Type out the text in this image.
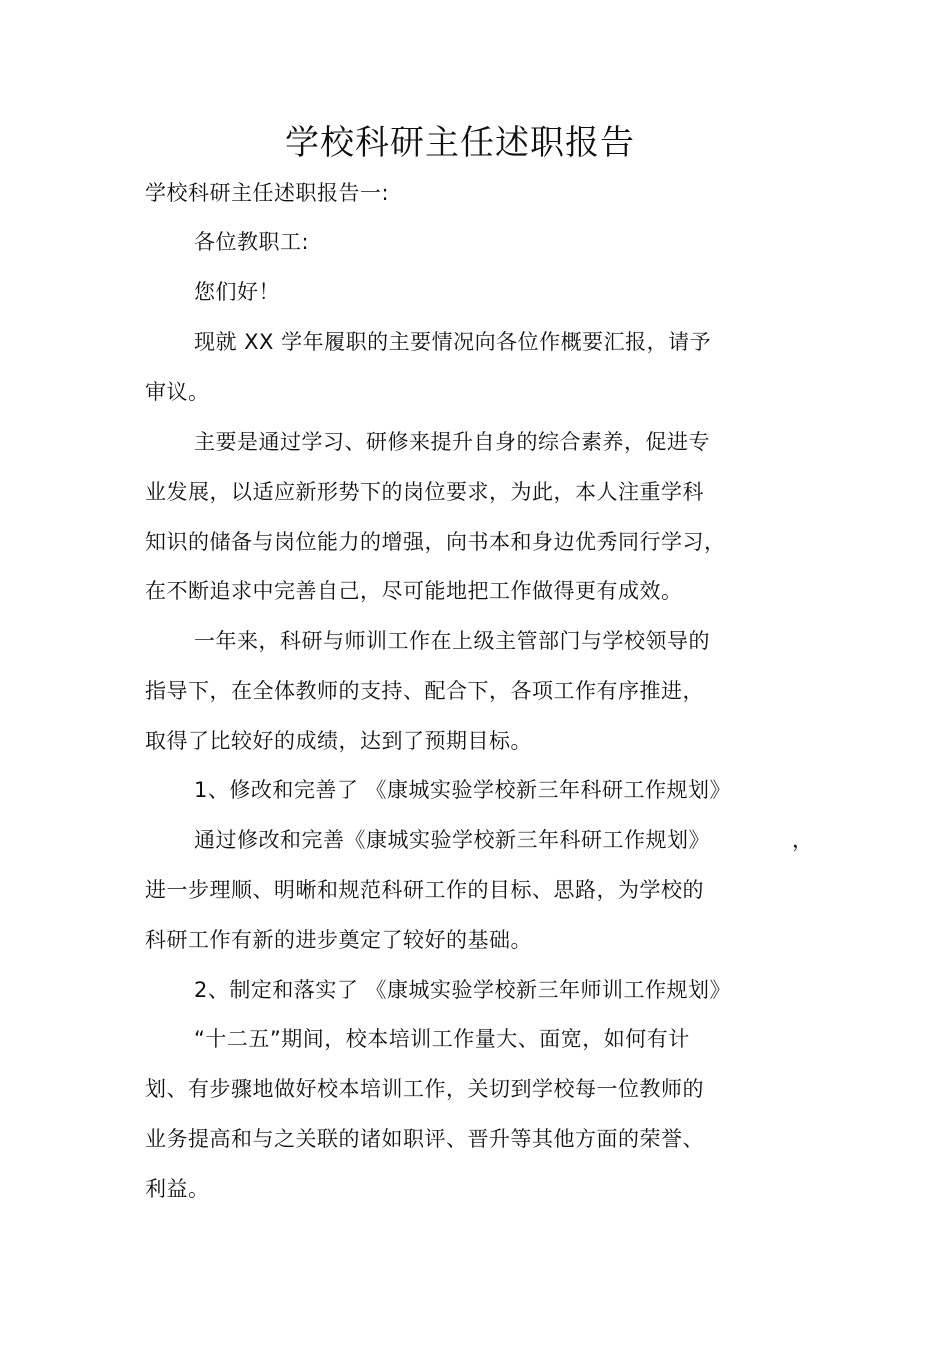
学校科研主任述职报告
学校科研主任述职报告一:
各位教职工:
您们好！
现就 XX 学年履职的主要情况向各位作概要汇报，请予
审议。
主要是通过学习、研修来提升自身的综合素养，促进专
业发展，以适应新形势下的岗位要求，为此，本人注重学科
知识的储备与岗位能力的增强，向书本和身边优秀同行学习，
在不断追求中完善自己，尽可能地把工作做得更有成效。
一年来，科研与师训工作在上级主管部门与学校领导的
指导下，在全体教师的支持、配合下，各项工作有序推进，
取得了比较好的成绩，达到了预期目标。
1、修改和完善了 《康城实验学校新三年科研工作规划》
通过修改和完善《康城实验学校新三年科研工作规划》	，
进一步理顺、明晰和规范科研工作的目标、思路，为学校的
科研工作有新的进步奠定了较好的基础。
2、制定和落实了 《康城实验学校新三年师训工作规划》
“十二五”期间，校本培训工作量大、面宽，如何有计
划、有步骤地做好校本培训工作，关切到学校每一位教师的
业务提高和与之关联的诸如职评、晋升等其他方面的荣誉、
利益。
